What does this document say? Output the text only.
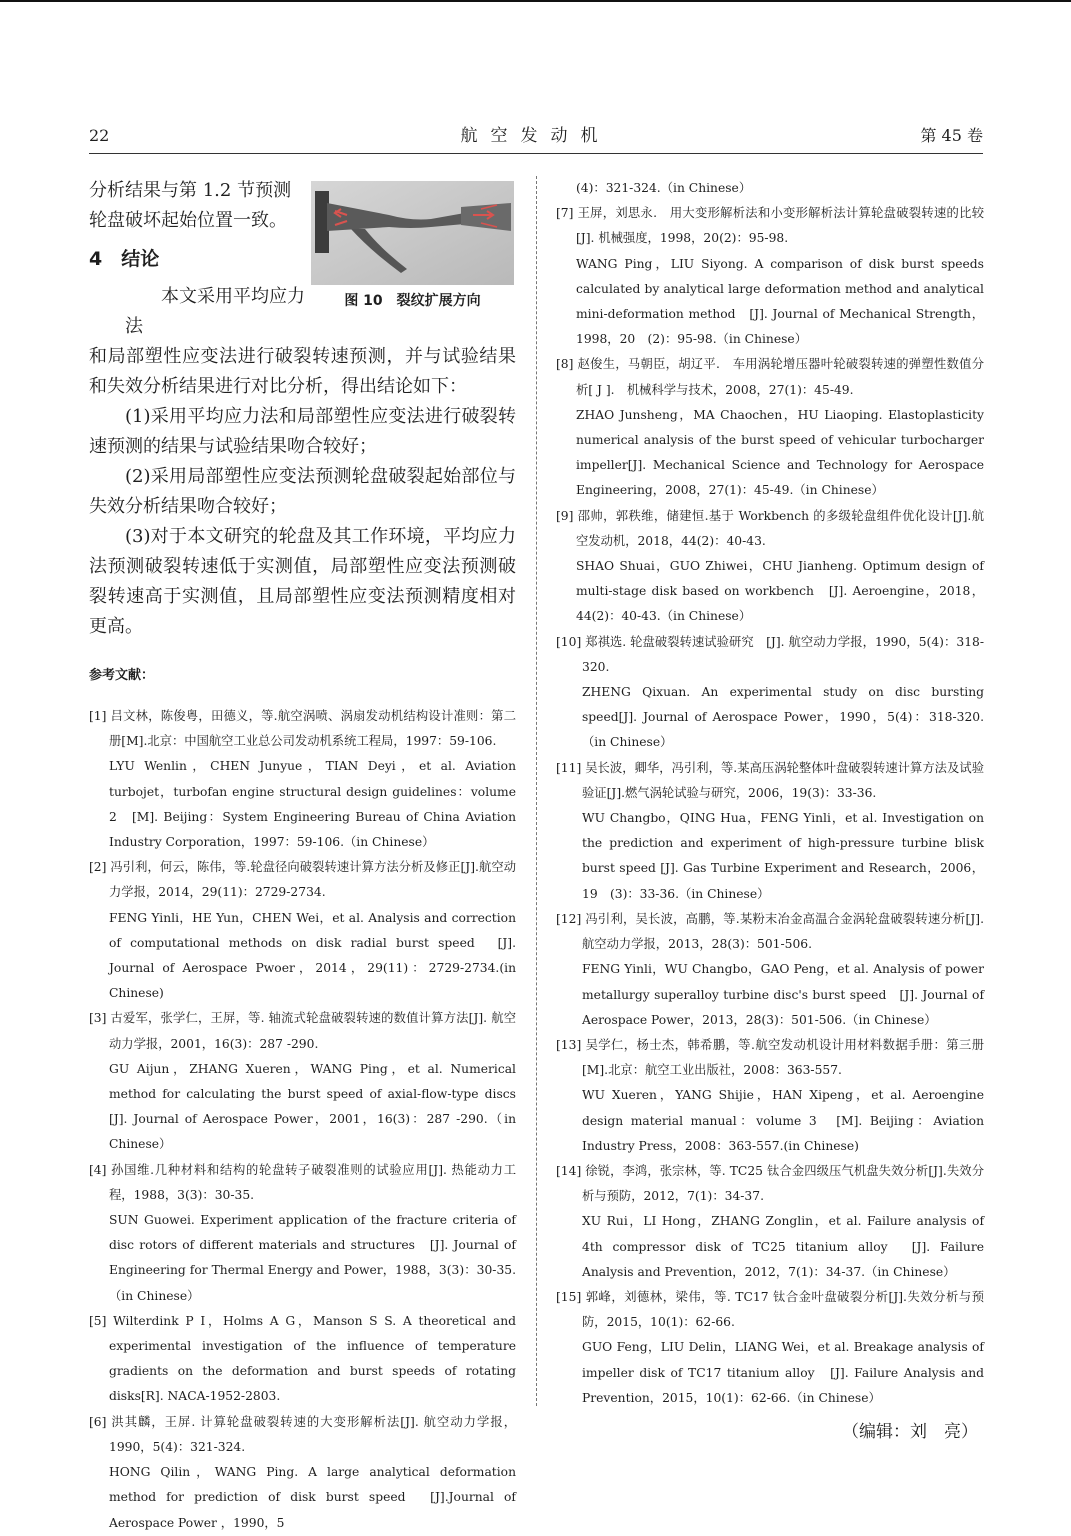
22	航空发动机	第 45 卷
图 10　裂纹扩展方向

分析结果与第 1.2 节预测

轮盘破坏起始位置一致。

4　结论

本文采用平均应力法

和局部塑性应变法进行破裂转速预测，并与试验结果和失效分析结果进行对比分析，得出结论如下：

(1)采用平均应力法和局部塑性应变法进行破裂转速预测的结果与试验结果吻合较好；

(2)采用局部塑性应变法预测轮盘破裂起始部位与失效分析结果吻合较好；

(3)对于本文研究的轮盘及其工作环境，平均应力法预测破裂转速低于实测值，局部塑性应变法预测破裂转速高于实测值，且局部塑性应变法预测精度相对更高。

参考文献：

[1] 吕文林，陈俊粤，田德义，等.航空涡喷、涡扇发动机结构设计准则：第二册[M].北京：中国航空工业总公司发动机系统工程局，1997：59-106.

LYU Wenlin，CHEN Junyue，TIAN Deyi，et al. Aviation turbojet，turbofan engine structural design guidelines：volume 2　[M]. Beijing：System Engineering Bureau of China Aviation Industry Corporation，1997：59-106.（in Chinese）

[2] 冯引利，何云，陈伟，等.轮盘径向破裂转速计算方法分析及修正[J].航空动力学报，2014，29(11)：2729-2734.

FENG Yinli，HE Yun，CHEN Wei，et al. Analysis and correction of computational methods on disk radial burst speed　[J]. Journal of Aerospace Pwoer，2014，29(11)：2729-2734.(in Chinese)

[3] 古爱军，张学仁，王屏，等. 轴流式轮盘破裂转速的数值计算方法[J]. 航空动力学报，2001，16(3)：287 -290.

GU Aijun，ZHANG Xueren，WANG Ping，et al. Numerical method for calculating the burst speed of axial-flow-type discs　[J]. Journal of Aerospace Power，2001，16(3)：287 -290.（in Chinese）

[4] 孙国维.几种材料和结构的轮盘转子破裂准则的试验应用[J]. 热能动力工程，1988，3(3)：30-35.

SUN Guowei. Experiment application of the fracture criteria of disc rotors of different materials and structures　[J]. Journal of Engineering for Thermal Energy and Power，1988，3(3)：30-35.（in Chinese）

[5] Wilterdink P I，Holms A G，Manson S S. A theoretical and experimental investigation of the influence of temperature gradients on the deformation and burst speeds of rotating disks[R]. NACA-1952-2803.

[6] 洪其麟，王屏. 计算轮盘破裂转速的大变形解析法[J]. 航空动力学报，1990，5(4)：321-324.

HONG Qilin，WANG Ping. A large analytical deformation method for prediction of disk burst speed　[J].Journal of Aerospace Power ，1990，5

(4)：321-324.（in Chinese）

[7] 王屏，刘思永.　用大变形解析法和小变形解析法计算轮盘破裂转速的比较[J]. 机械强度，1998，20(2)：95-98.

WANG Ping，LIU Siyong. A comparison of disk burst speeds calculated by analytical large deformation method and analytical mini-deformation method　[J]. Journal of Mechanical Strength，1998，20　(2)：95-98.（in Chinese）

[8] 赵俊生，马朝臣，胡辽平.　车用涡轮增压器叶轮破裂转速的弹塑性数值分析[ J ].　机械科学与技术，2008，27(1)：45-49.

ZHAO Junsheng，MA Chaochen，HU Liaoping. Elastoplasticity numerical analysis of the burst speed of vehicular turbocharger impeller[J]. Mechanical Science and Technology for Aerospace Engineering，2008，27(1)：45-49.（in Chinese）

[9] 邵帅，郭秩维，储建恒.基于 Workbench 的多级轮盘组件优化设计[J].航空发动机，2018，44(2)：40-43.

SHAO Shuai，GUO Zhiwei，CHU Jianheng. Optimum design of multi-stage disk based on workbench　[J]. Aeroengine，2018，44(2)：40-43.（in Chinese）

[10] 郑祺选. 轮盘破裂转速试验研究　[J]. 航空动力学报，1990，5(4)：318-320.

ZHENG Qixuan. An experimental study on disc bursting speed[J]. Journal of Aerospace Power，1990，5(4)：318-320.（in Chinese）

[11] 吴长波，卿华，冯引利，等.某高压涡轮整体叶盘破裂转速计算方法及试验验证[J].燃气涡轮试验与研究，2006，19(3)：33-36.

WU Changbo，QING Hua，FENG Yinli，et al. Investigation on the prediction and experiment of high-pressure turbine blisk burst speed [J]. Gas Turbine Experiment and Research，2006，19　(3)：33-36.（in Chinese）

[12] 冯引利，吴长波，高鹏，等.某粉末冶金高温合金涡轮盘破裂转速分析[J].航空动力学报，2013，28(3)：501-506.

FENG Yinli，WU Changbo，GAO Peng，et al. Analysis of power metallurgy superalloy turbine disc's burst speed　[J]. Journal of Aerospace Power，2013，28(3)：501-506.（in Chinese）

[13] 吴学仁，杨士杰，韩希鹏，等.航空发动机设计用材料数据手册：第三册[M].北京：航空工业出版社，2008：363-557.

WU Xueren，YANG Shijie，HAN Xipeng，et al. Aeroengine design material manual：volume 3　[M]. Beijing：Aviation Industry Press，2008：363-557.(in Chinese)

[14] 徐锐，李鸿，张宗林，等. TC25 钛合金四级压气机盘失效分析[J].失效分析与预防，2012，7(1)：34-37.

XU Rui，LI Hong，ZHANG Zonglin，et al. Failure analysis of 4th compressor disk of TC25 titanium alloy　[J]. Failure Analysis and Prevention，2012，7(1)：34-37.（in Chinese）

[15] 郭峰，刘德林，梁伟，等. TC17 钛合金叶盘破裂分析[J].失效分析与预防，2015，10(1)：62-66.

GUO Feng，LIU Delin，LIANG Wei，et al. Breakage analysis of impeller disk of TC17 titanium alloy　[J]. Failure Analysis and Prevention，2015，10(1)：62-66.（in Chinese）

（编辑：刘　亮）
